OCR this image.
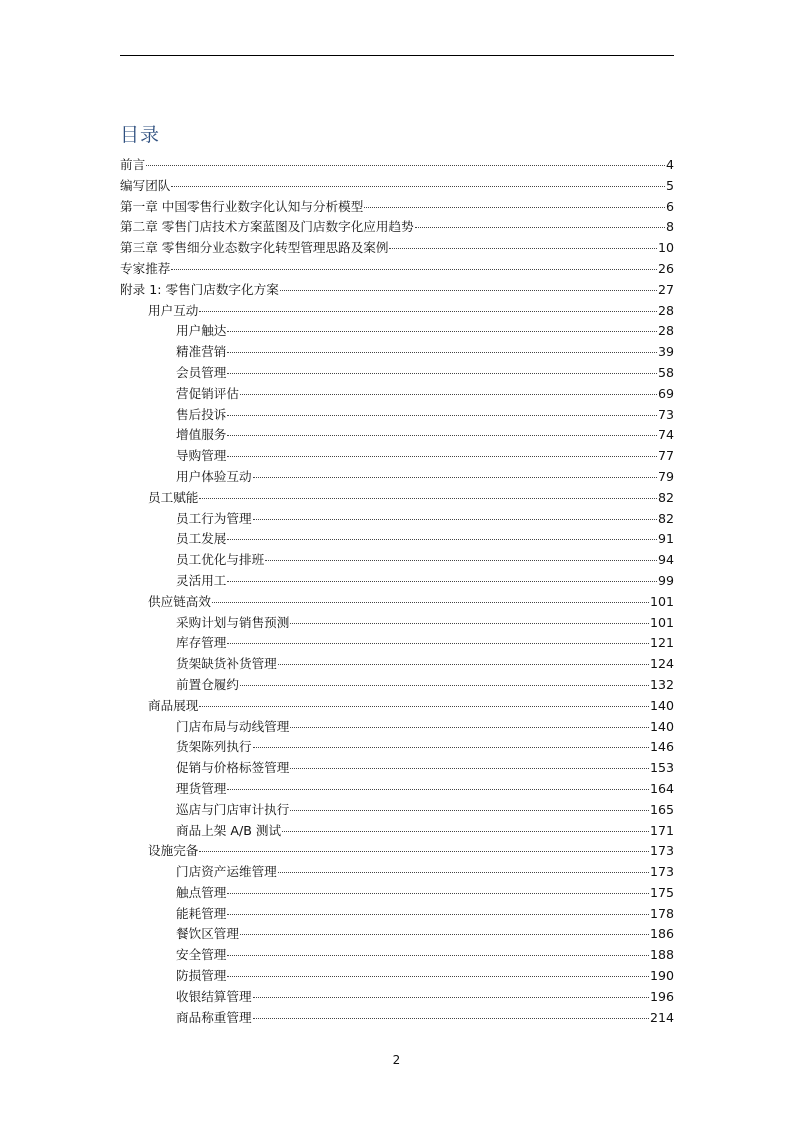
目录
前言	4
编写团队	5
第一章 中国零售行业数字化认知与分析模型	6
第二章 零售门店技术方案蓝图及门店数字化应用趋势	8
第三章 零售细分业态数字化转型管理思路及案例	10
专家推荐	26
附录 1: 零售门店数字化方案	27
用户互动	28
用户触达	28
精准营销	39
会员管理	58
营促销评估	69
售后投诉	73
增值服务	74
导购管理	77
用户体验互动	79
员工赋能	82
员工行为管理	82
员工发展	91
员工优化与排班	94
灵活用工	99
供应链高效	101
采购计划与销售预测	101
库存管理	121
货架缺货补货管理	124
前置仓履约	132
商品展现	140
门店布局与动线管理	140
货架陈列执行	146
促销与价格标签管理	153
理货管理	164
巡店与门店审计执行	165
商品上架 A/B 测试	171
设施完备	173
门店资产运维管理	173
触点管理	175
能耗管理	178
餐饮区管理	186
安全管理	188
防损管理	190
收银结算管理	196
商品称重管理	214
2
